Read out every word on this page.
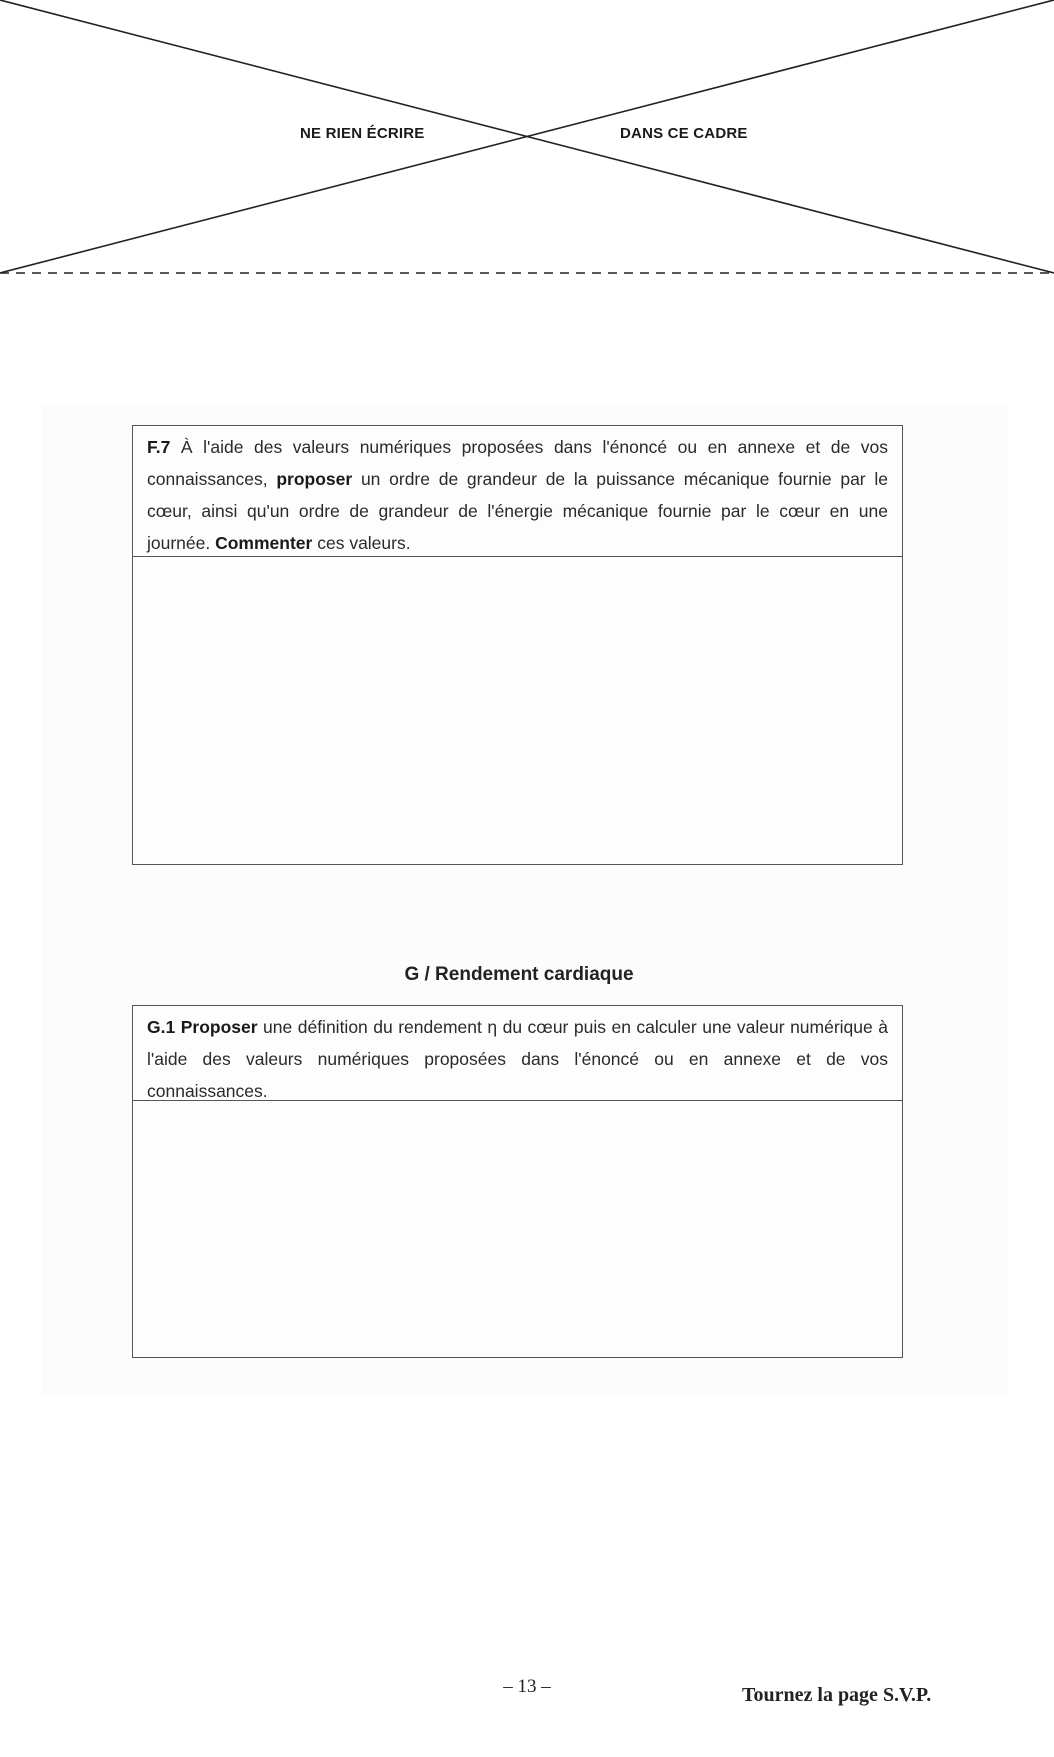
NE RIEN ÉCRIRE	DANS CE CADRE
F.7 À l'aide des valeurs numériques proposées dans l'énoncé ou en annexe et de vos connaissances, proposer un ordre de grandeur de la puissance mécanique fournie par le cœur, ainsi qu'un ordre de grandeur de l'énergie mécanique fournie par le cœur en une journée. Commenter ces valeurs.
G / Rendement cardiaque
G.1 Proposer une définition du rendement η du cœur puis en calculer une valeur numérique à l'aide des valeurs numériques proposées dans l'énoncé ou en annexe et de vos connaissances.
– 13 –	Tournez la page S.V.P.
